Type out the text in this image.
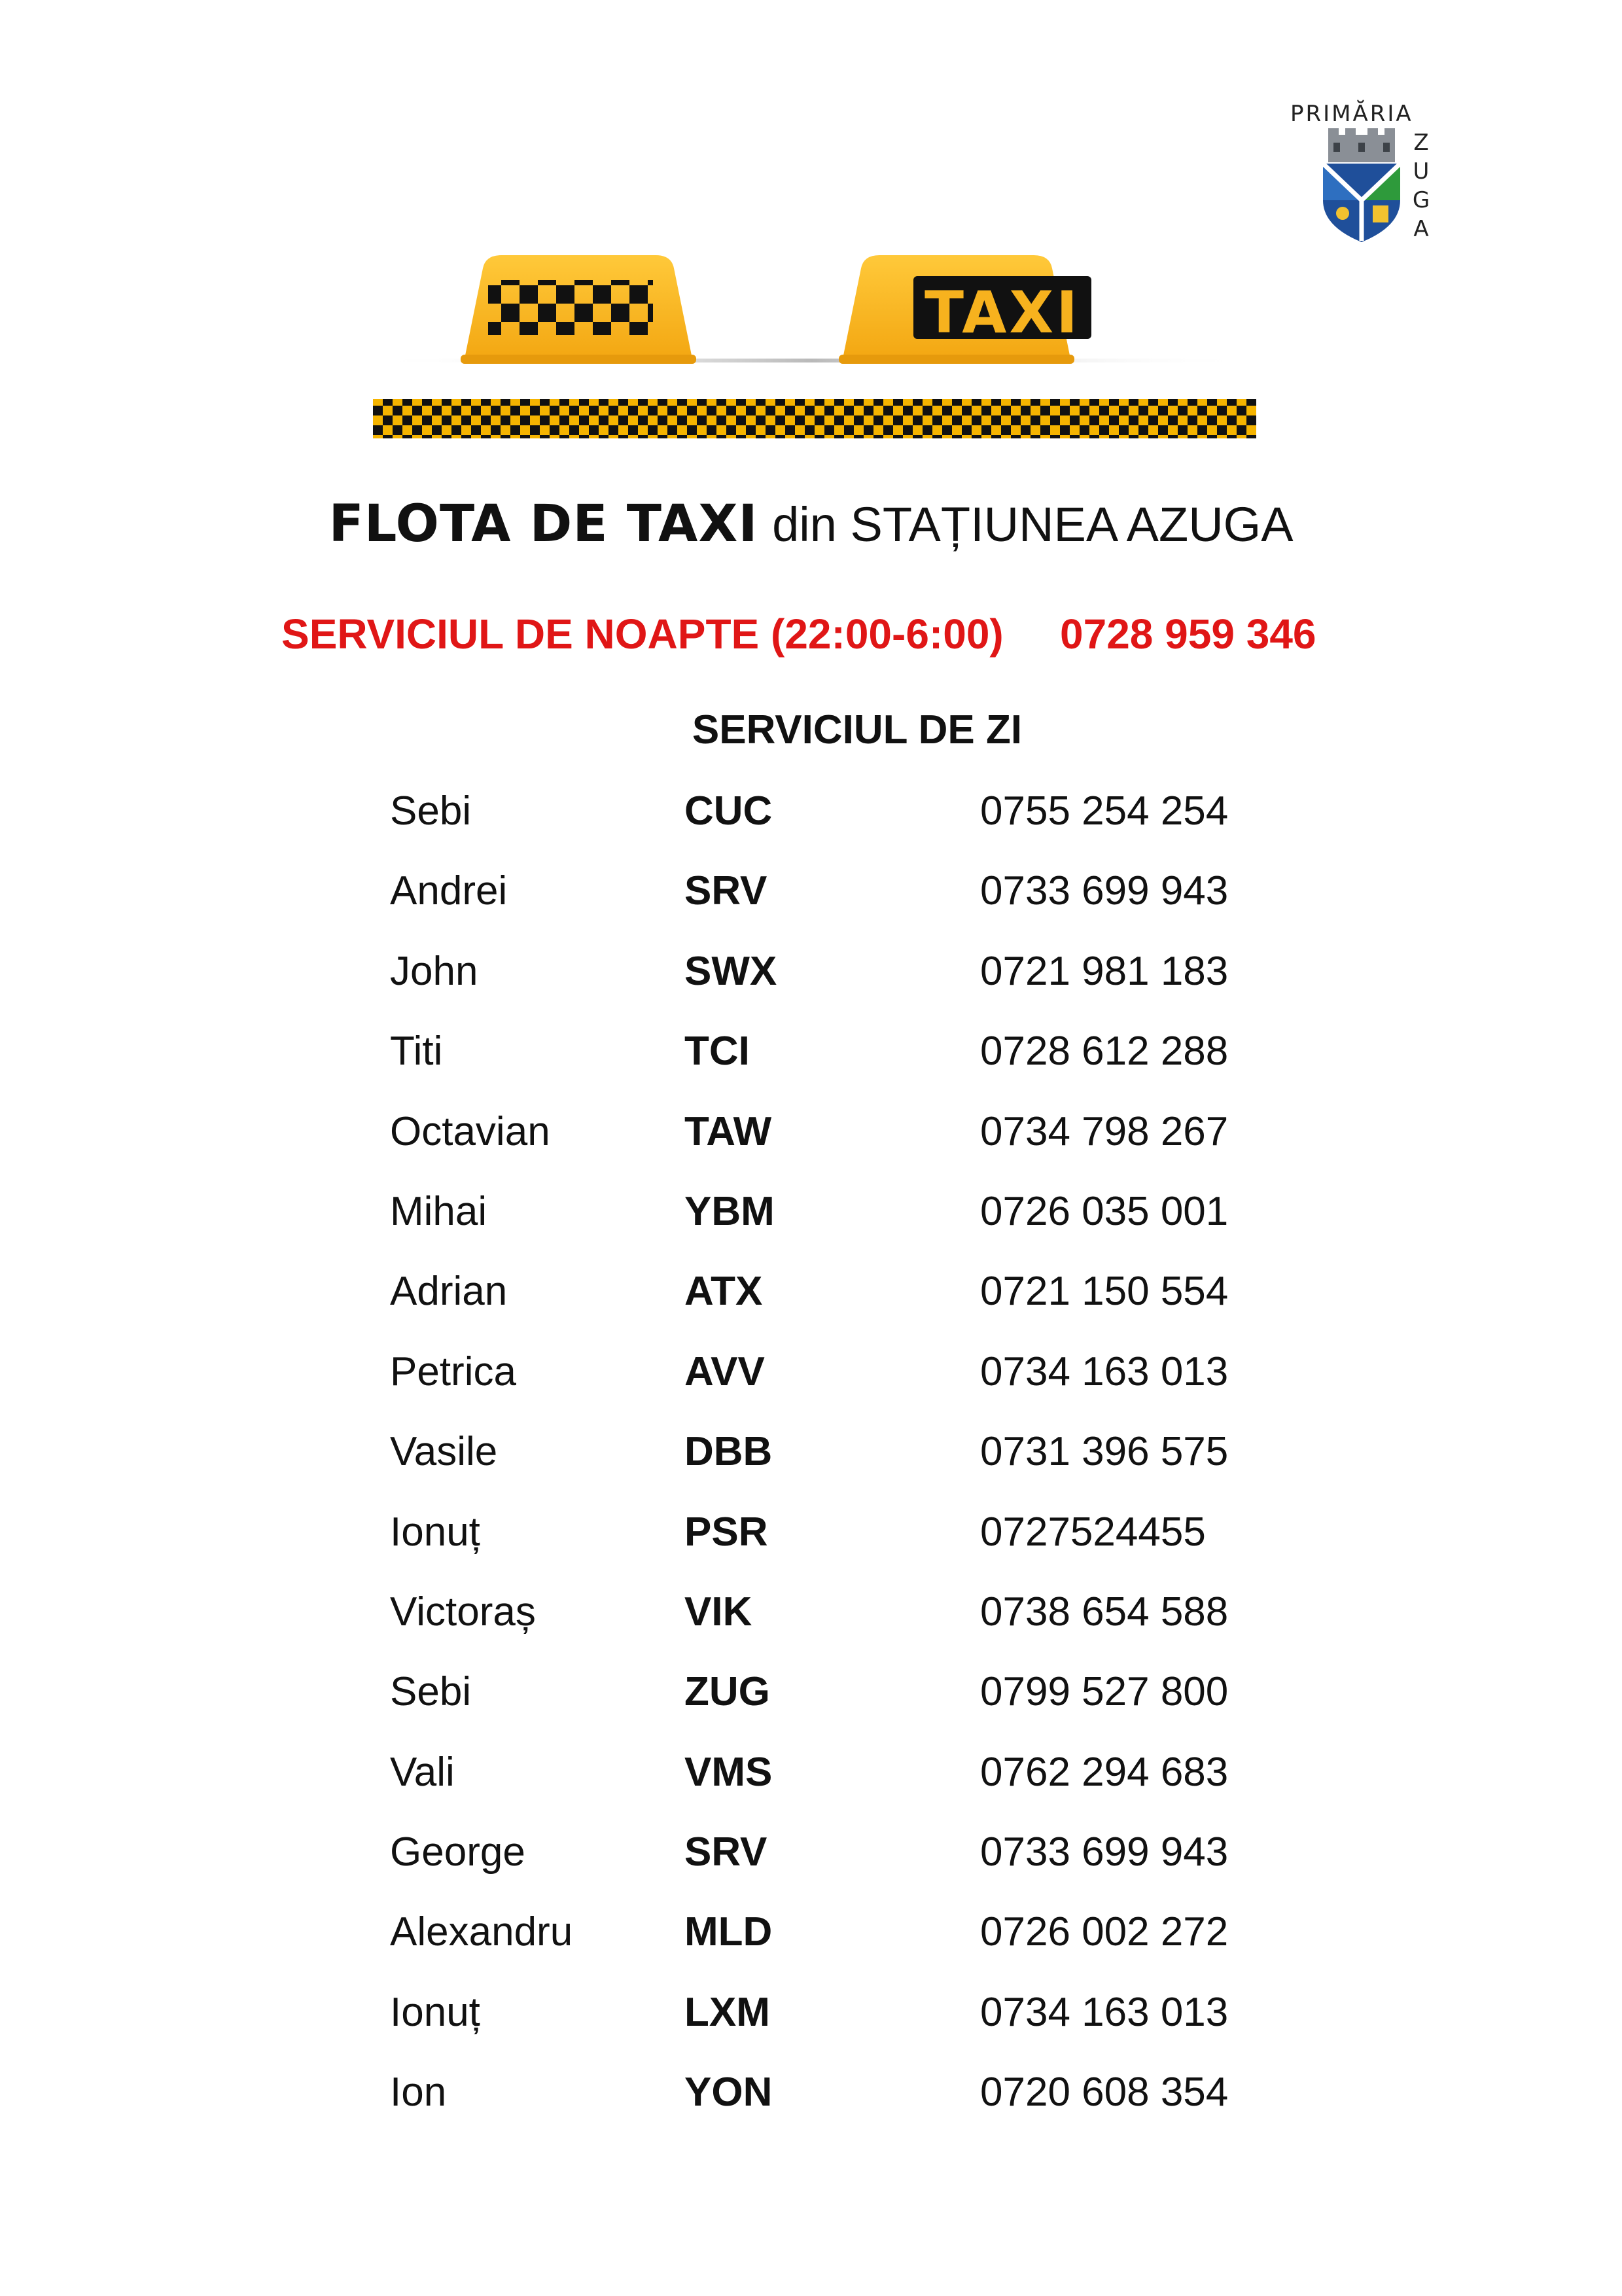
PRIMĂRIA
Z
U
G
A
TAXI
FLOTA DE TAXI din STAȚIUNEA AZUGA
SERVICIUL DE NOAPTE (22:00-6:00) 0728 959 346
SERVICIUL DE ZI
Sebi	CUC	0755 254 254
Andrei	SRV	0733 699 943
John	SWX	0721 981 183
Titi	TCI	0728 612 288
Octavian	TAW	0734 798 267
Mihai	YBM	0726 035 001
Adrian	ATX	0721 150 554
Petrica	AVV	0734 163 013
Vasile	DBB	0731 396 575
Ionuț	PSR	0727524455
Victoraș	VIK	0738 654 588
Sebi	ZUG	0799 527 800
Vali	VMS	0762 294 683
George	SRV	0733 699 943
Alexandru	MLD	0726 002 272
Ionuț	LXM	0734 163 013
Ion	YON	0720 608 354
